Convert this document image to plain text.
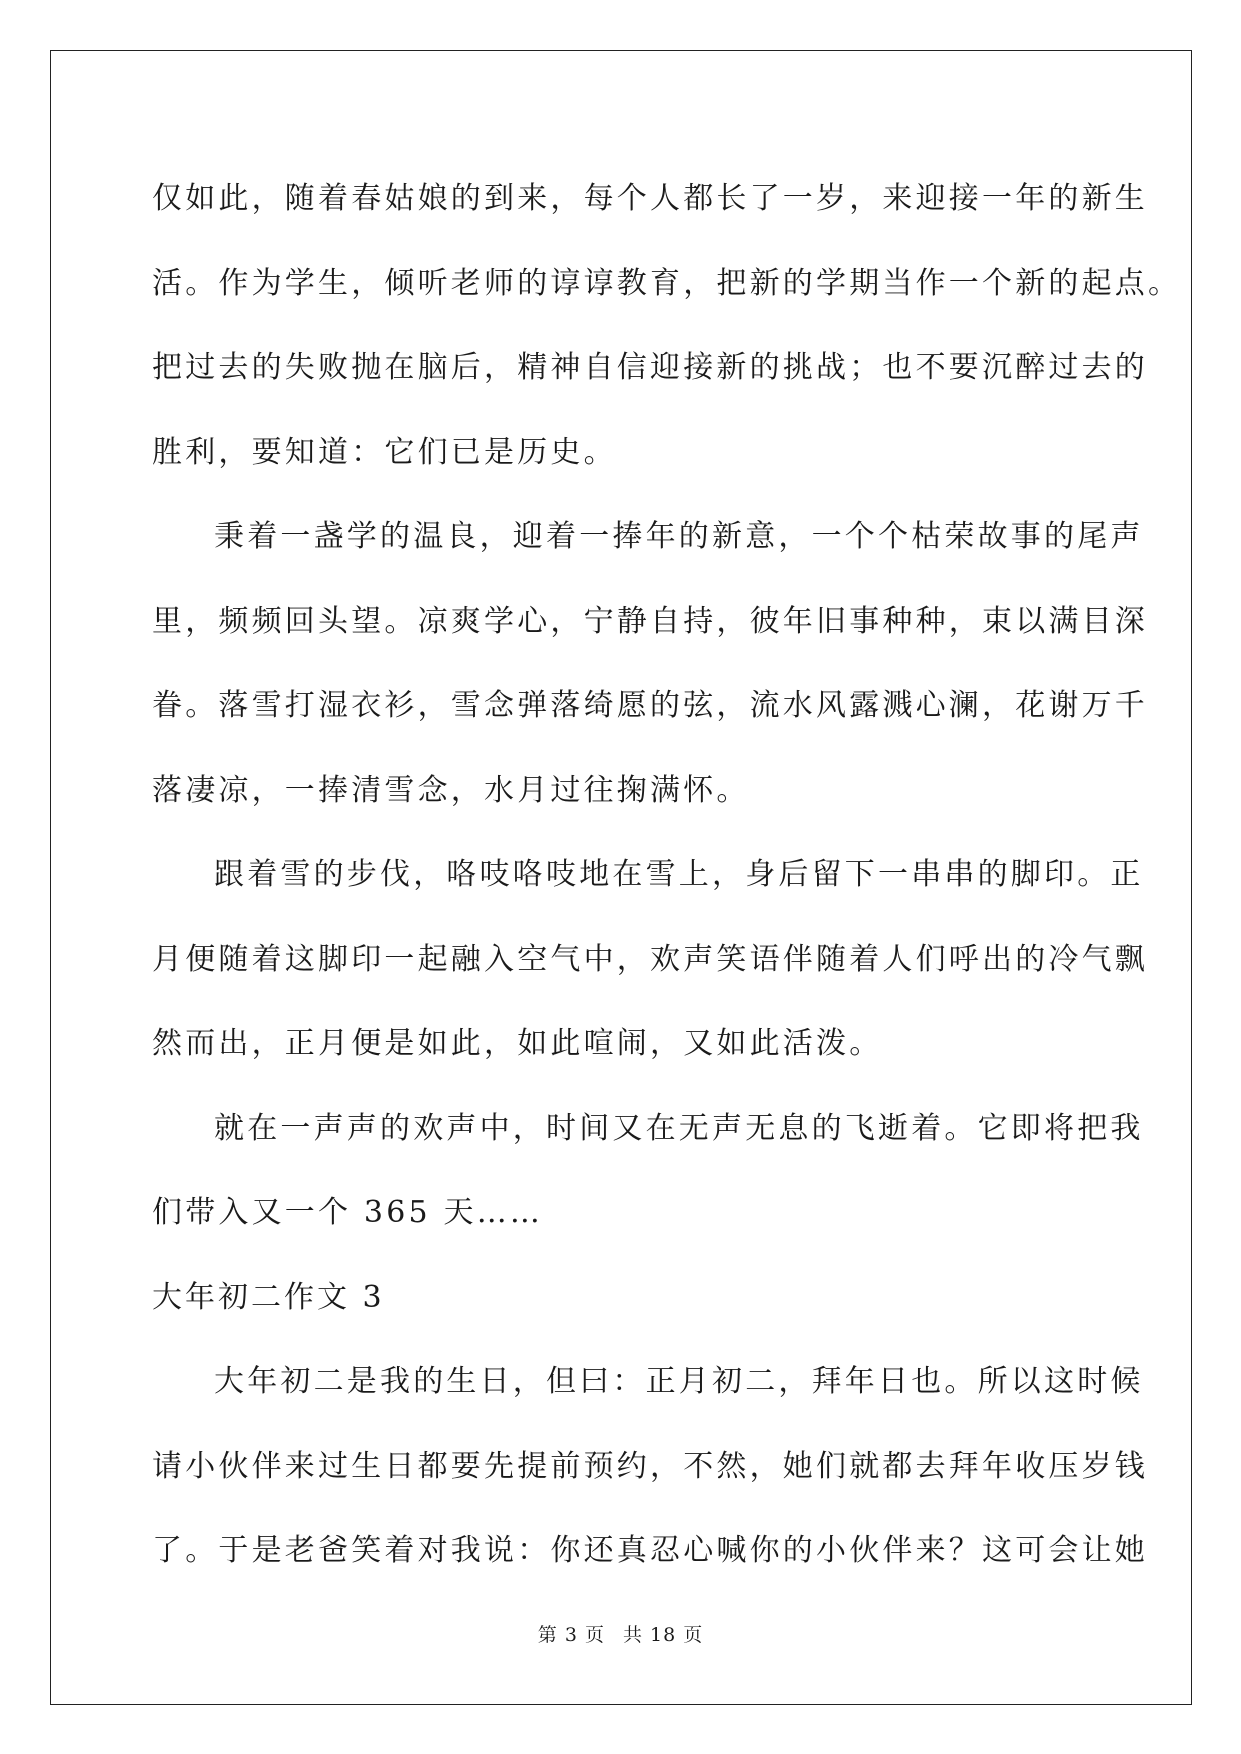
仅如此，随着春姑娘的到来，每个人都长了一岁，来迎接一年的新生

活。作为学生，倾听老师的谆谆教育，把新的学期当作一个新的起点。

把过去的失败抛在脑后，精神自信迎接新的挑战；也不要沉醉过去的

胜利，要知道：它们已是历史。

秉着一盏学的温良，迎着一捧年的新意，一个个枯荣故事的尾声

里，频频回头望。凉爽学心，宁静自持，彼年旧事种种，束以满目深

眷。落雪打湿衣衫，雪念弹落绮愿的弦，流水风露溅心澜，花谢万千

落凄凉，一捧清雪念，水月过往掬满怀。

跟着雪的步伐，咯吱咯吱地在雪上，身后留下一串串的脚印。正

月便随着这脚印一起融入空气中，欢声笑语伴随着人们呼出的冷气飘

然而出，正月便是如此，如此喧闹，又如此活泼。

就在一声声的欢声中，时间又在无声无息的飞逝着。它即将把我

们带入又一个 365 天……

大年初二作文 3

大年初二是我的生日，但曰：正月初二，拜年日也。所以这时候

请小伙伴来过生日都要先提前预约，不然，她们就都去拜年收压岁钱

了。于是老爸笑着对我说：你还真忍心喊你的小伙伴来？这可会让她

第 3 页 共 18 页
